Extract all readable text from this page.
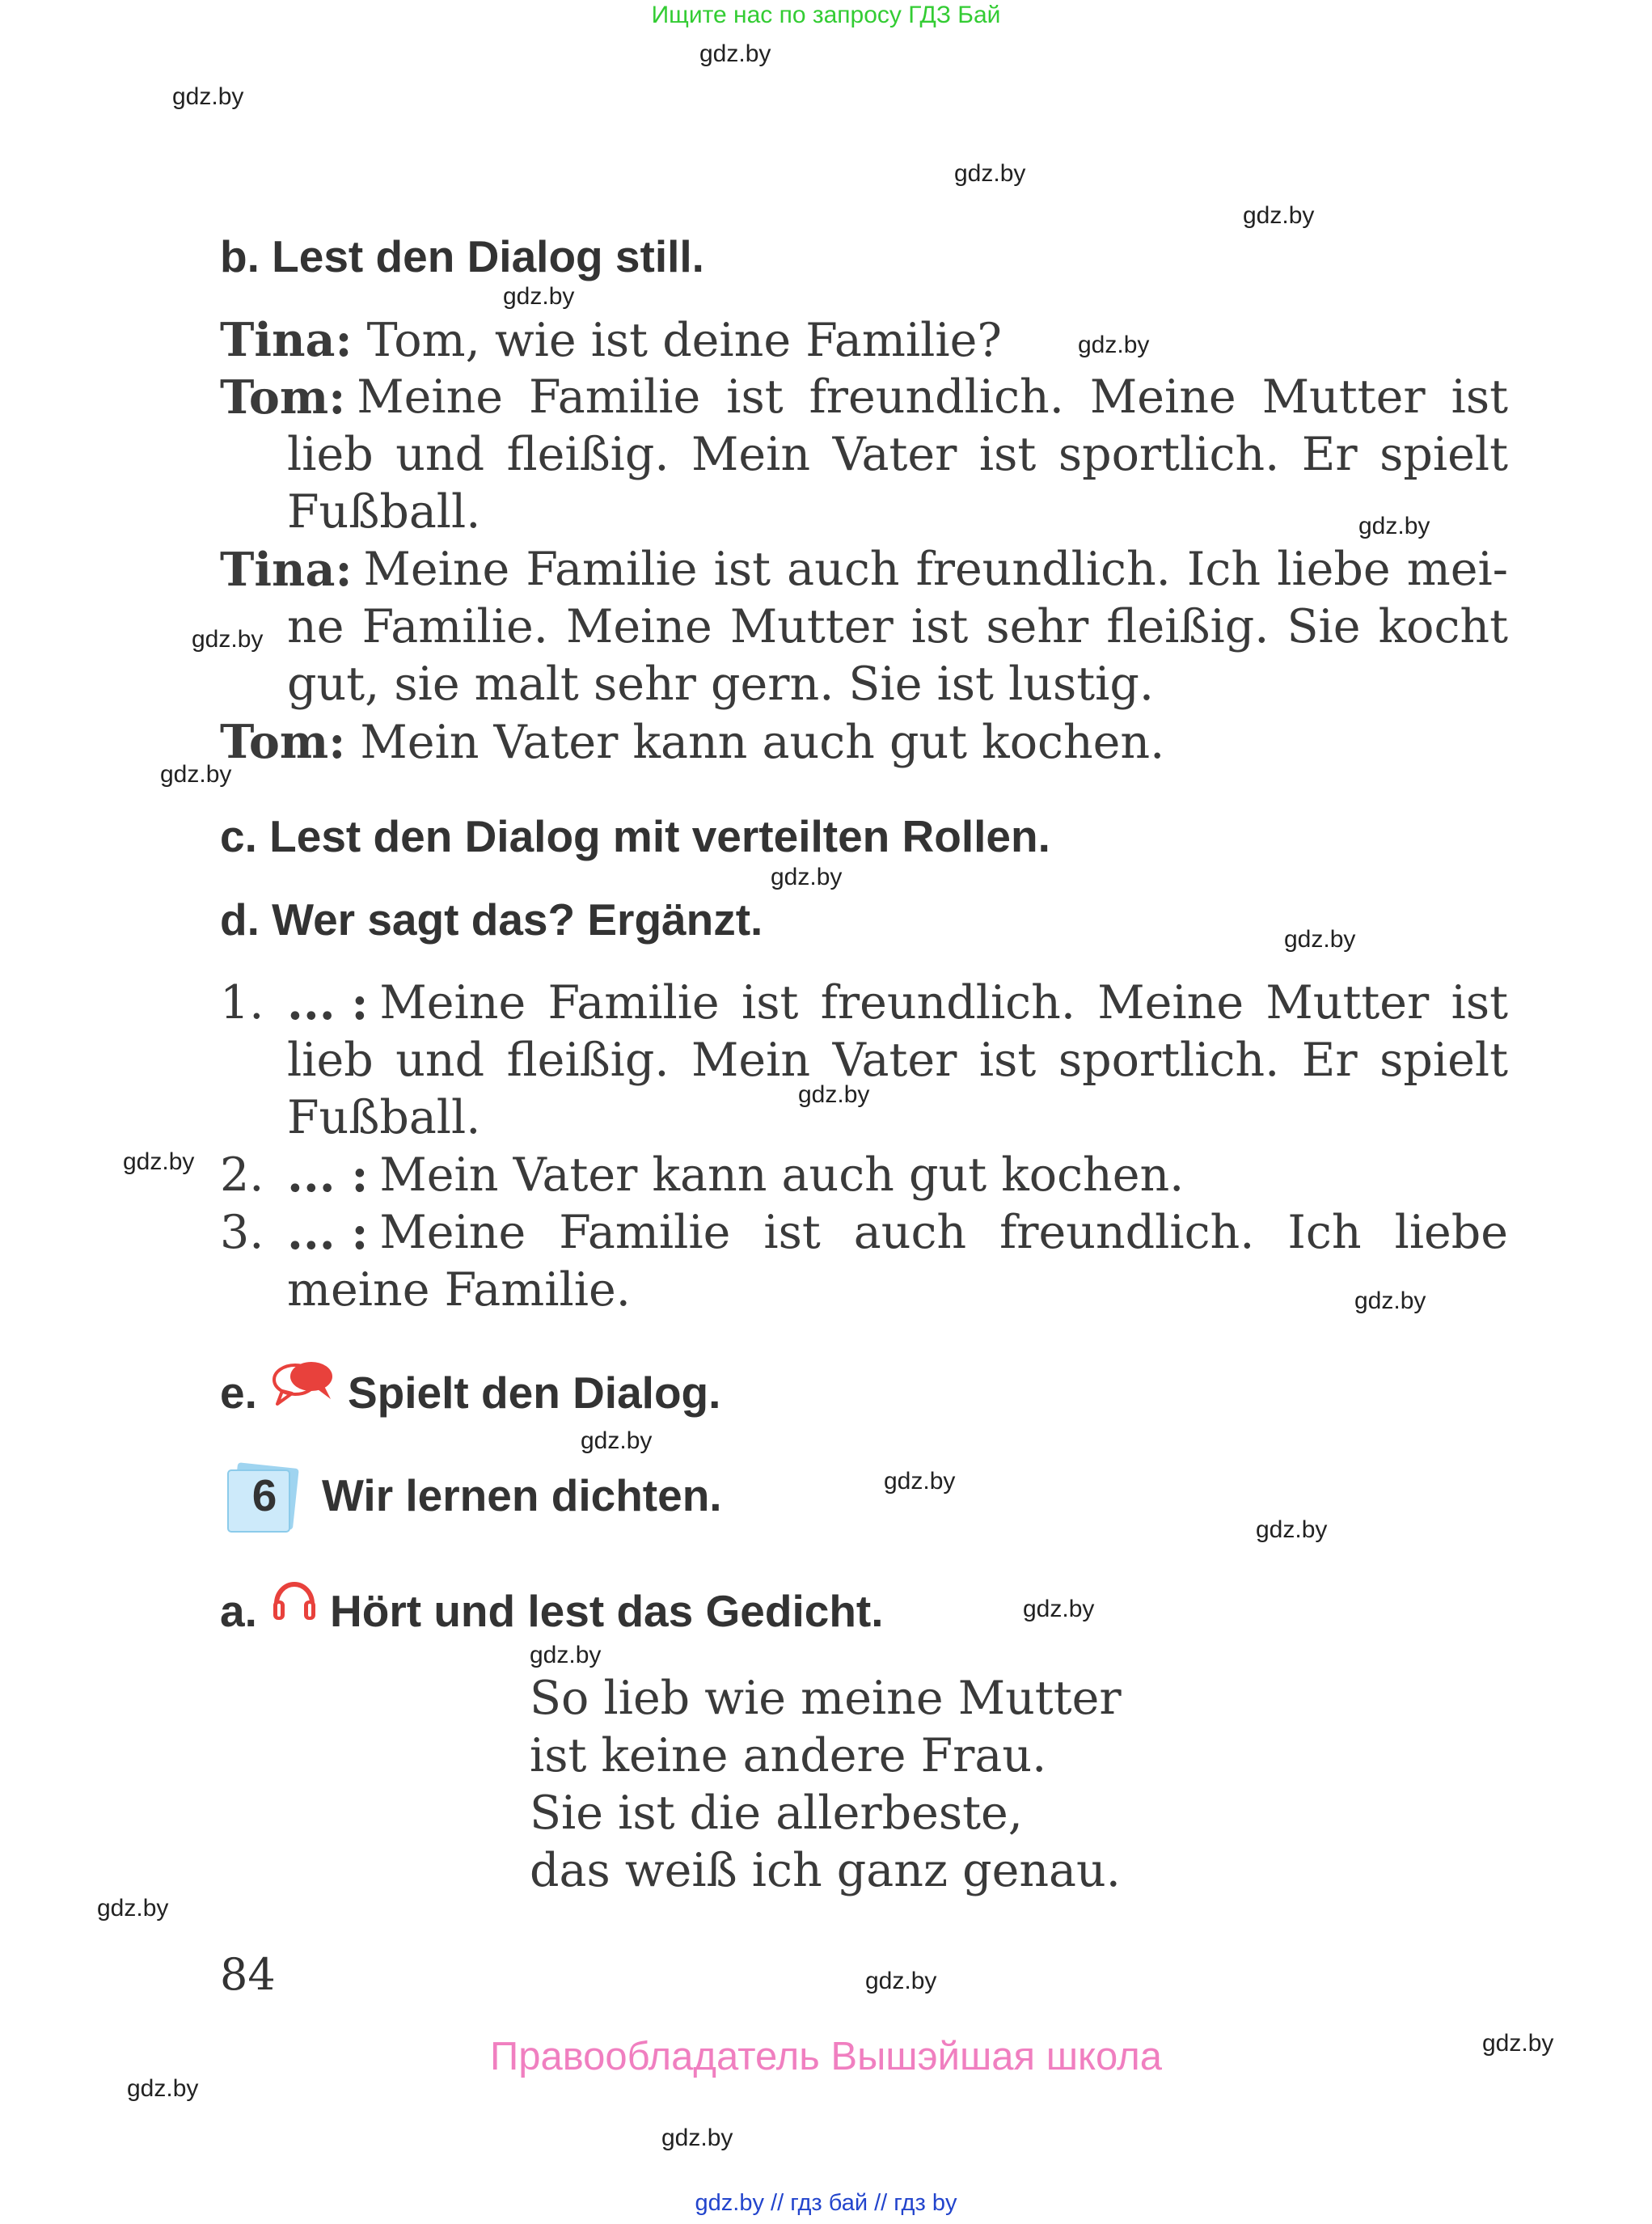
Ищите нас по запросу ГДЗ Бай
gdz.by
gdz.by
gdz.by
gdz.by
gdz.by
gdz.by
gdz.by
gdz.by
gdz.by
gdz.by
gdz.by
gdz.by
gdz.by
gdz.by
gdz.by
gdz.by
gdz.by
gdz.by
gdz.by
gdz.by
gdz.by
gdz.by
gdz.by
gdz.by
b. Lest den Dialog still.
Tina: Tom, wie ist deine Familie?
Tom: Meine Familie ist freundlich. Meine Mutter ist
lieb und fleißig. Mein Vater ist sportlich. Er spielt
Fußball.
Tina: Meine Familie ist auch freundlich. Ich liebe mei-
ne Familie. Meine Mutter ist sehr fleißig. Sie kocht
gut, sie malt sehr gern. Sie ist lustig.
Tom: Mein Vater kann auch gut kochen.
c. Lest den Dialog mit verteilten Rollen.
d. Wer sagt das? Ergänzt.
1. ... : Meine Familie ist freundlich. Meine Mutter ist
lieb und fleißig. Mein Vater ist sportlich. Er spielt
Fußball.
2. ... : Mein Vater kann auch gut kochen.
3. ... : Meine Familie ist auch freundlich. Ich liebe
meine Familie.
e. Spielt den Dialog.
6 Wir lernen dichten.
a. Hört und lest das Gedicht.
So lieb wie meine Mutter
ist keine andere Frau.
Sie ist die allerbeste,
das weiß ich ganz genau.
84
Правообладатель Вышэйшая школа
gdz.by // гдз бай // гдз by
